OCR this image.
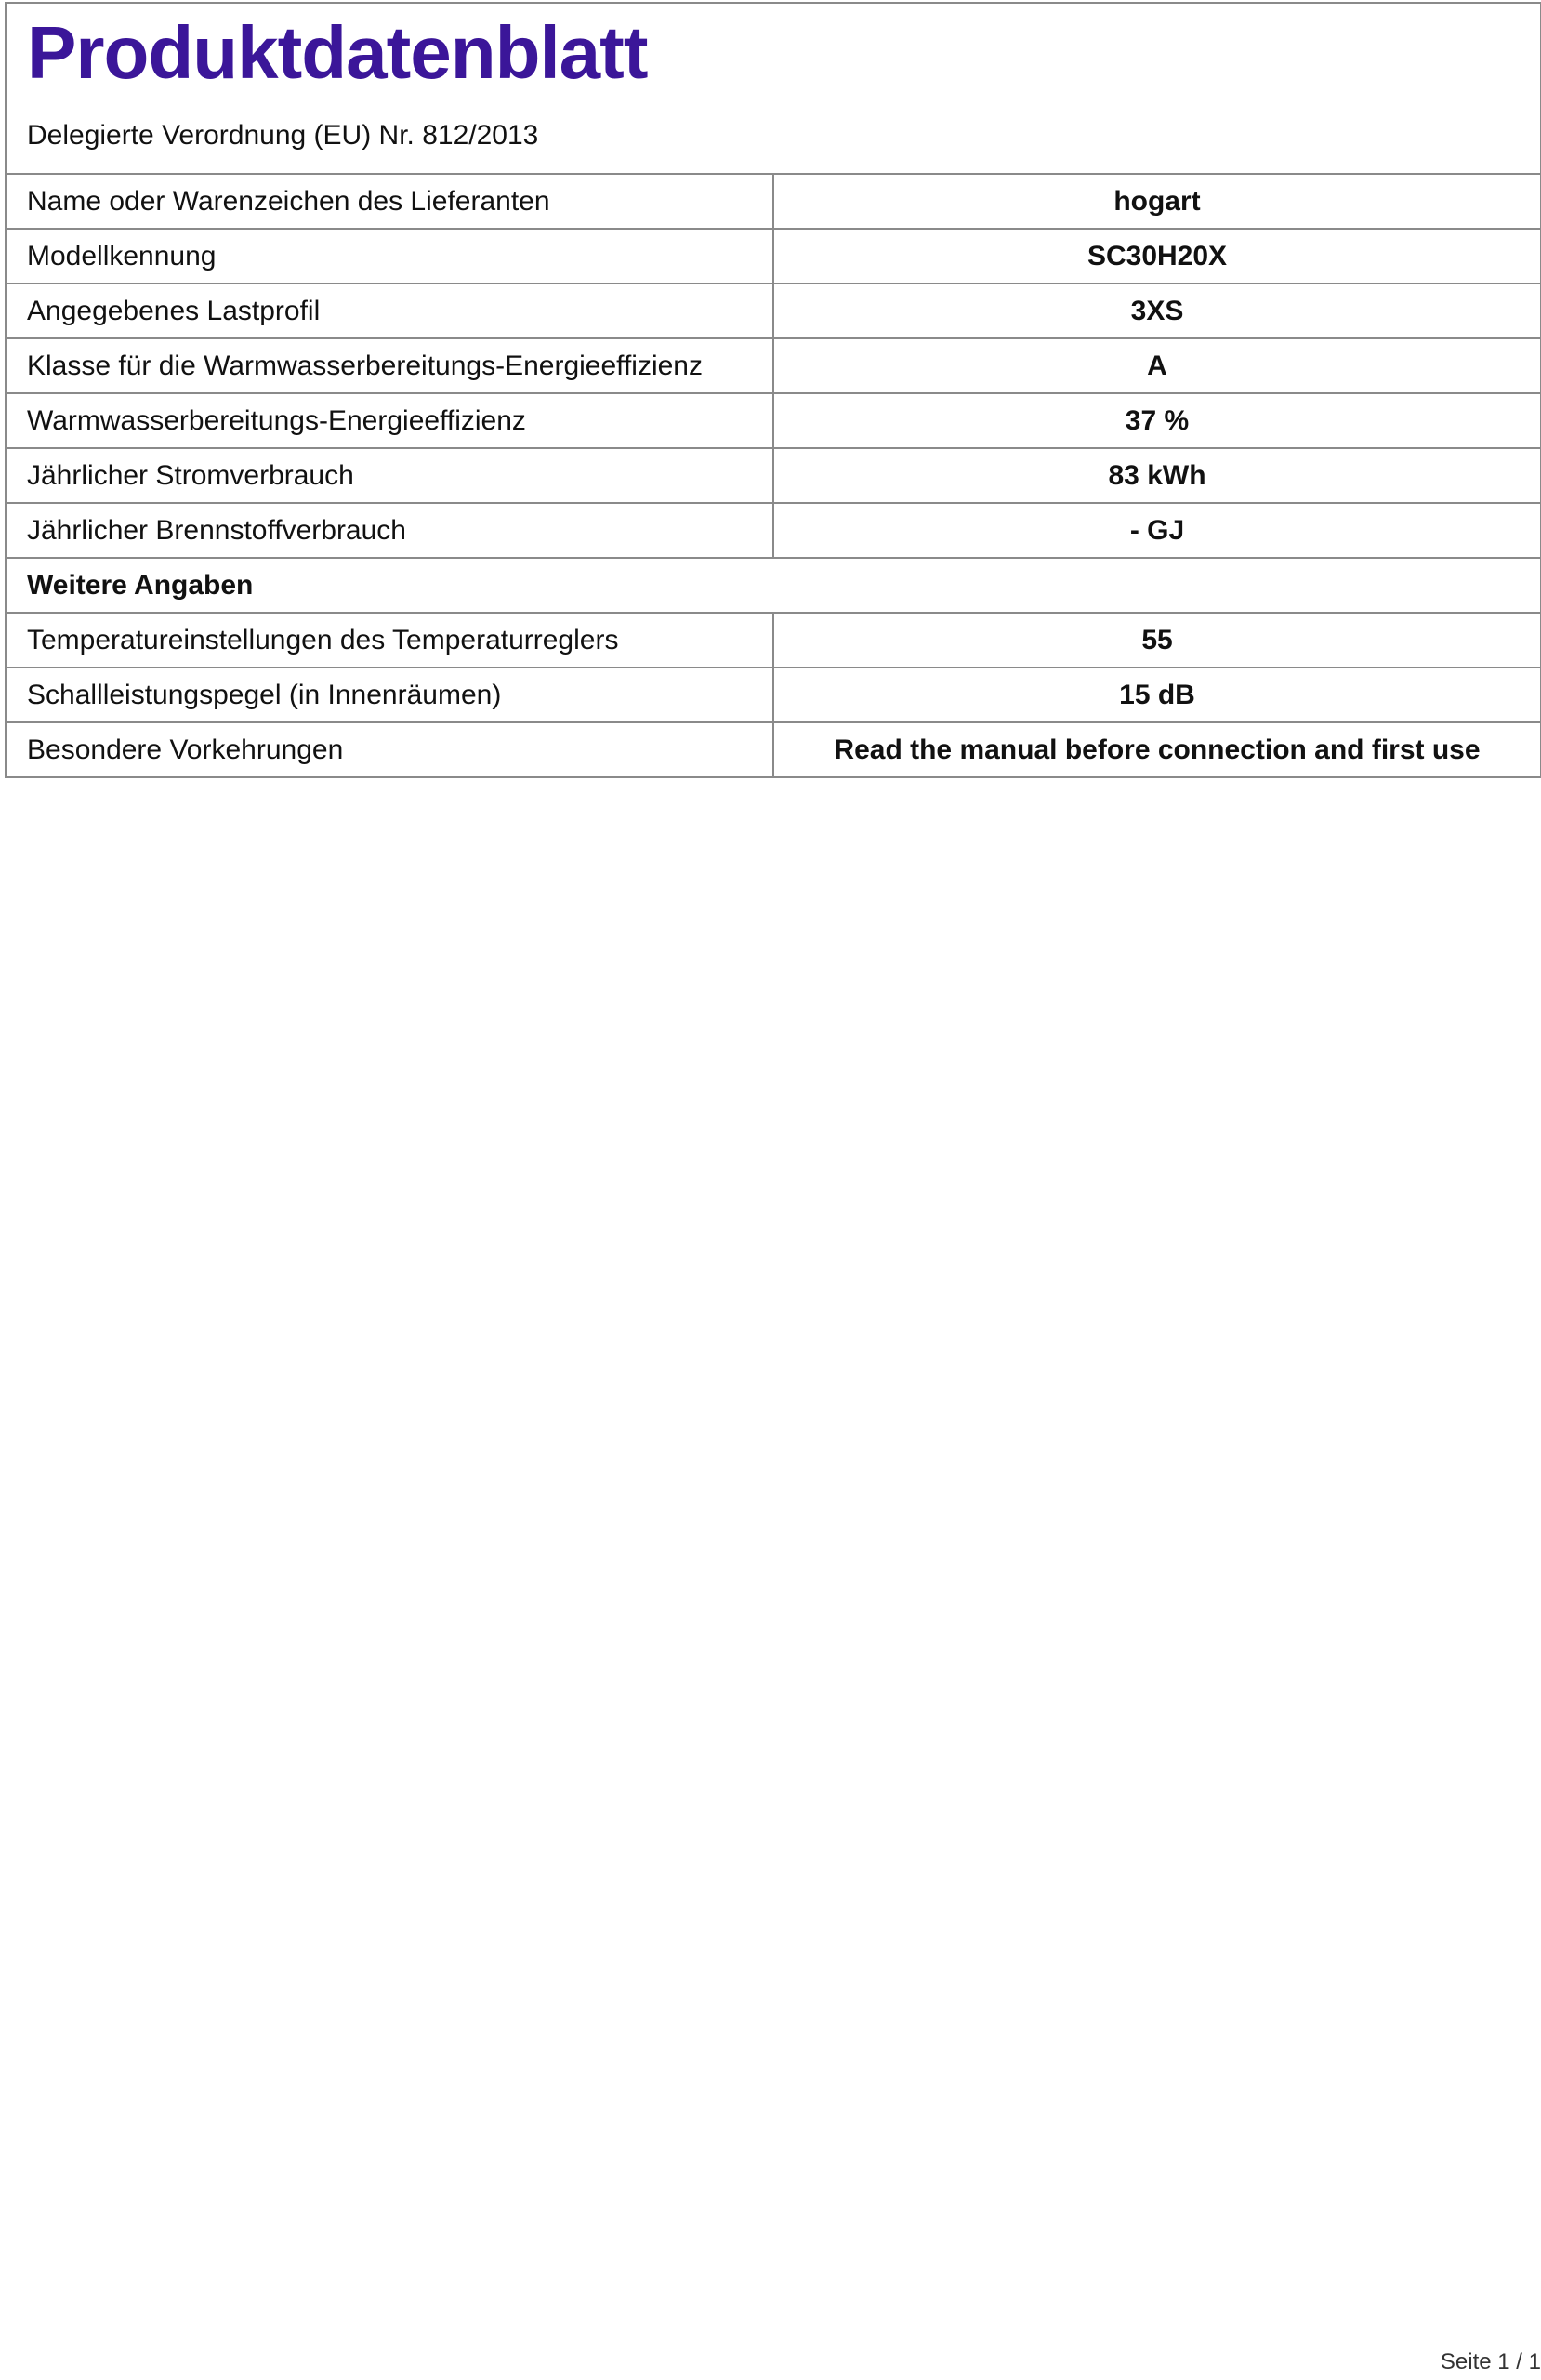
Produktdatenblatt
Delegierte Verordnung (EU) Nr. 812/2013
Name oder Warenzeichen des Lieferanten	hogart
Modellkennung	SC30H20X
Angegebenes Lastprofil	3XS
Klasse für die Warmwasserbereitungs-Energieeffizienz	A
Warmwasserbereitungs-Energieeffizienz	37 %
Jährlicher Stromverbrauch	83 kWh
Jährlicher Brennstoffverbrauch	- GJ
Weitere Angaben
Temperatureinstellungen des Temperaturreglers	55
Schallleistungspegel (in Innenräumen)	15 dB
Besondere Vorkehrungen	Read the manual before connection and first use
Seite 1 / 1
